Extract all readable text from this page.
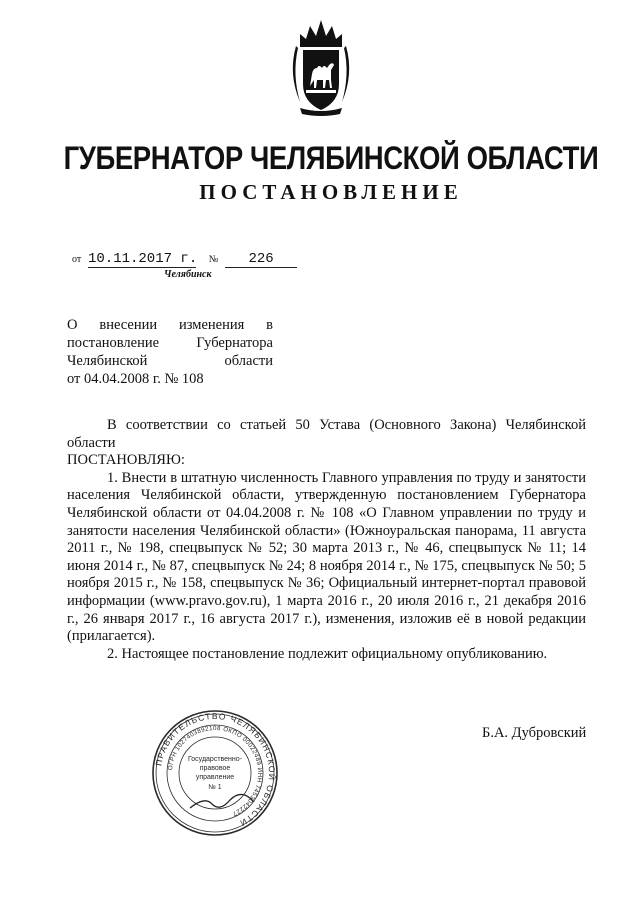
ГУБЕРНАТОР ЧЕЛЯБИНСКОЙ ОБЛАСТИ
ПОСТАНОВЛЕНИЕ
от 10.11.2017 г. № 226
Челябинск
О внесении изменения в
постановление Губернатора
Челябинской области
от 04.04.2008 г. № 108

В соответствии со статьей 50 Устава (Основного Закона) Челябинской области

ПОСТАНОВЛЯЮ:

1. Внести в штатную численность Главного управления по труду и занятости населения Челябинской области, утвержденную постановлением Губернатора Челябинской области от 04.04.2008 г. № 108 «О Главном управлении по труду и занятости населения Челябинской области» (Южноуральская панорама, 11 августа 2011 г., № 198, спецвыпуск № 52; 30 марта 2013 г., № 46, спецвыпуск № 11; 14 июня 2014 г., № 87, спецвыпуск № 24; 8 ноября 2014 г., № 175, спецвыпуск № 50; 5 ноября 2015 г., № 158, спецвыпуск № 36; Официальный интернет-портал правовой информации (www.pravo.gov.ru), 1 марта 2016 г., 20 июля 2016 г., 21 декабря 2016 г., 26 января 2017 г., 16 августа 2017 г.), изменения, изложив её в новой редакции (прилагается).

2. Настоящее постановление подлежит официальному опубликованию.

Б.А. Дубровский
ПРАВИТЕЛЬСТВО ЧЕЛЯБИНСКОЙ ОБЛАСТИ
ОГРН 1027403892108 ОКПО 00022489 ИНН 7453042227
Государственно-
правовое
управление
№ 1
